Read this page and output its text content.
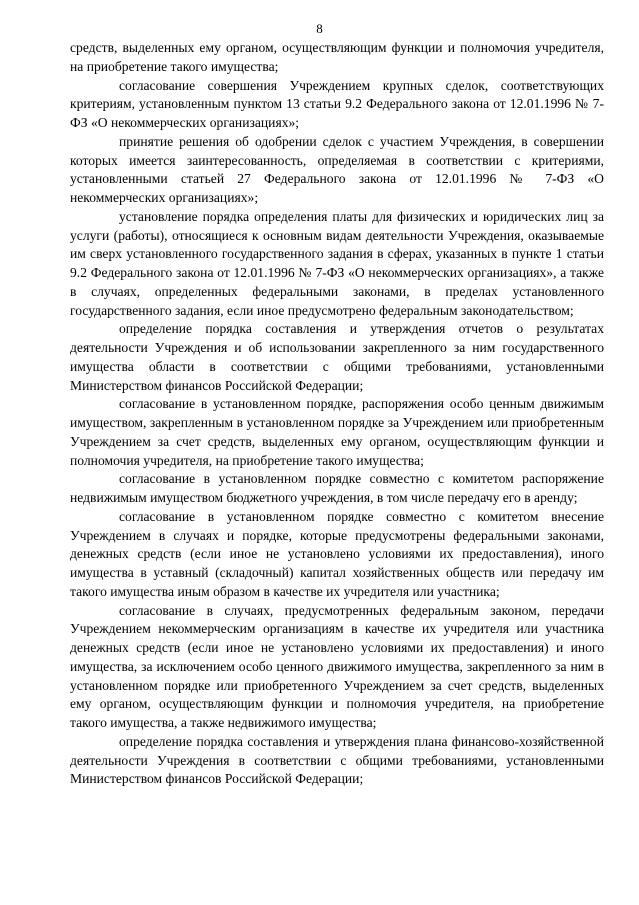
8

средств, выделенных ему органом, осуществляющим функции и полномочия учредителя, на приобретение такого имущества;

согласование совершения Учреждением крупных сделок, соответствующих критериям, установленным пунктом 13 статьи 9.2 Федерального закона от 12.01.1996 № 7-ФЗ «О некоммерческих организациях»;

принятие решения об одобрении сделок с участием Учреждения, в совершении которых имеется заинтересованность, определяемая в соответствии с критериями, установленными статьей 27 Федерального закона от 12.01.1996 № 7-ФЗ «О некоммерческих организациях»;

установление порядка определения платы для физических и юридических лиц за услуги (работы), относящиеся к основным видам деятельности Учреждения, оказываемые им сверх установленного государственного задания в сферах, указанных в пункте 1 статьи 9.2 Федерального закона от 12.01.1996 № 7-ФЗ «О некоммерческих организациях», а также в случаях, определенных федеральными законами, в пределах установленного государственного задания, если иное предусмотрено федеральным законодательством;

определение порядка составления и утверждения отчетов о результатах деятельности Учреждения и об использовании закрепленного за ним государственного имущества области в соответствии с общими требованиями, установленными Министерством финансов Российской Федерации;

согласование в установленном порядке, распоряжения особо ценным движимым имуществом, закрепленным в установленном порядке за Учреждением или приобретенным Учреждением за счет средств, выделенных ему органом, осуществляющим функции и полномочия учредителя, на приобретение такого имущества;

согласование в установленном порядке совместно с комитетом распоряжение недвижимым имуществом бюджетного учреждения, в том числе передачу его в аренду;

согласование в установленном порядке совместно с комитетом внесение Учреждением в случаях и порядке, которые предусмотрены федеральными законами, денежных средств (если иное не установлено условиями их предоставления), иного имущества в уставный (складочный) капитал хозяйственных обществ или передачу им такого имущества иным образом в качестве их учредителя или участника;

согласование в случаях, предусмотренных федеральным законом, передачи Учреждением некоммерческим организациям в качестве их учредителя или участника денежных средств (если иное не установлено условиями их предоставления) и иного имущества, за исключением особо ценного движимого имущества, закрепленного за ним в установленном порядке или приобретенного Учреждением за счет средств, выделенных ему органом, осуществляющим функции и полномочия учредителя, на приобретение такого имущества, а также недвижимого имущества;

определение порядка составления и утверждения плана финансово-хозяйственной деятельности Учреждения в соответствии с общими требованиями, установленными Министерством финансов Российской Федерации;
